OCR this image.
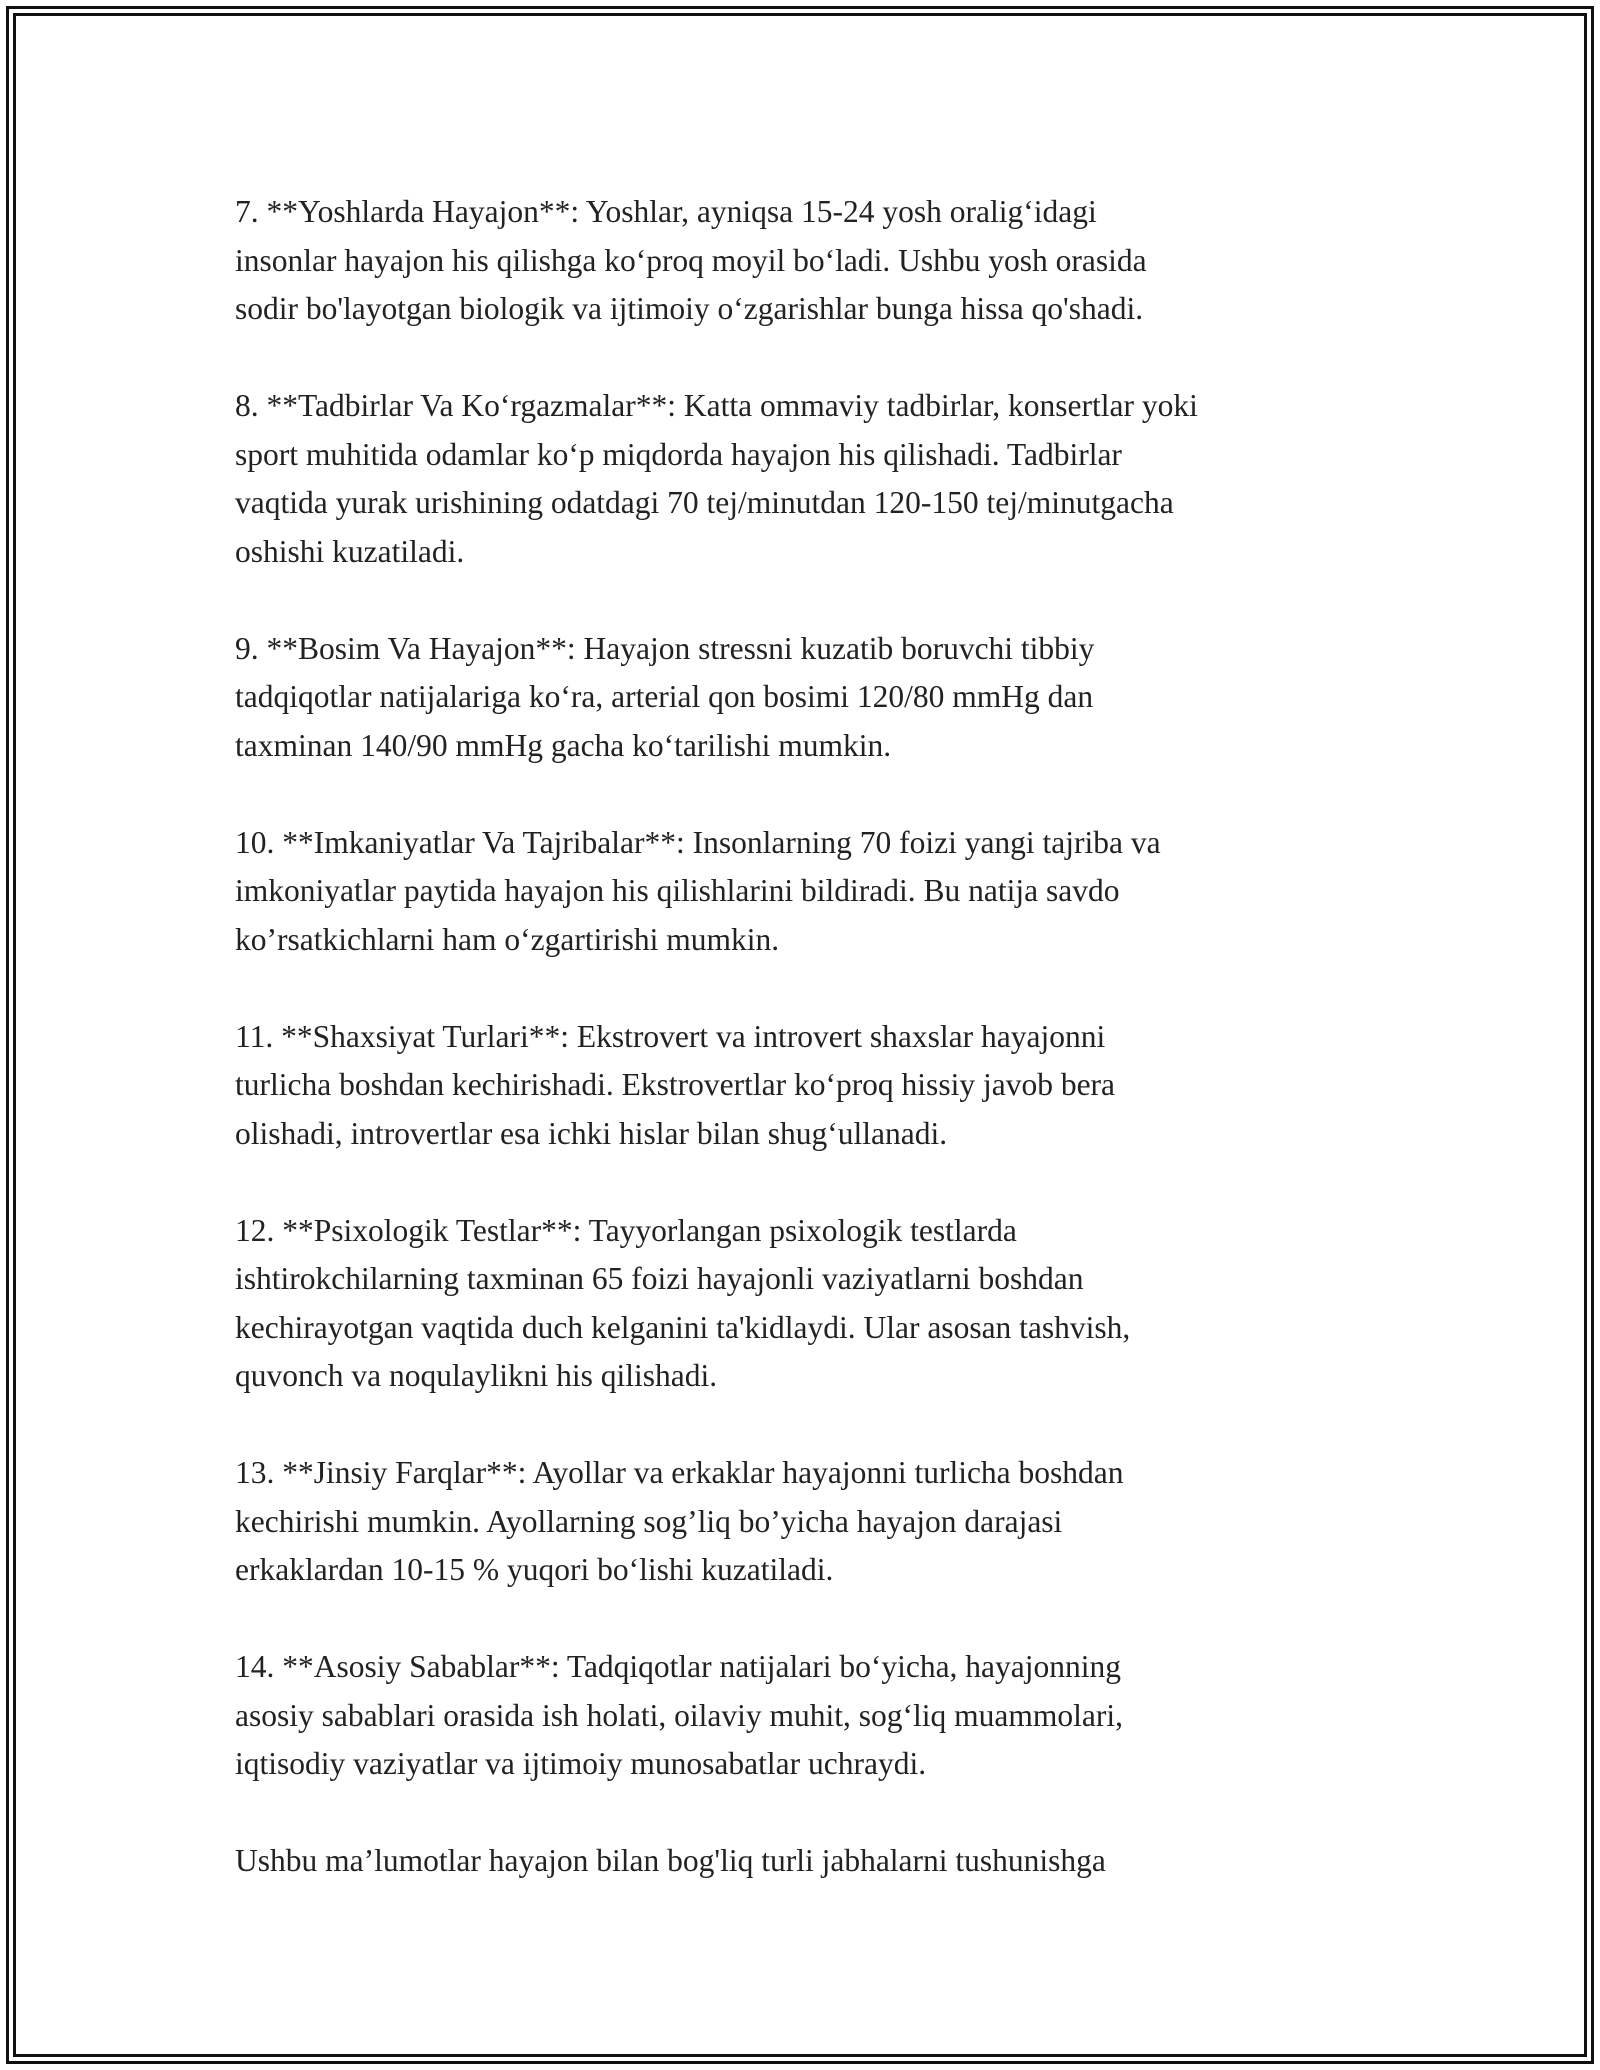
7. **Yoshlarda Hayajon**: Yoshlar, ayniqsa 15-24 yosh oralig‘idagi
insonlar hayajon his qilishga ko‘proq moyil bo‘ladi. Ushbu yosh orasida
sodir bo'layotgan biologik va ijtimoiy o‘zgarishlar bunga hissa qo'shadi.

8. **Tadbirlar Va Ko‘rgazmalar**: Katta ommaviy tadbirlar, konsertlar yoki
sport muhitida odamlar ko‘p miqdorda hayajon his qilishadi. Tadbirlar
vaqtida yurak urishining odatdagi 70 tej/minutdan 120-150 tej/minutgacha
oshishi kuzatiladi.

9. **Bosim Va Hayajon**: Hayajon stressni kuzatib boruvchi tibbiy
tadqiqotlar natijalariga ko‘ra, arterial qon bosimi 120/80 mmHg dan
taxminan 140/90 mmHg gacha ko‘tarilishi mumkin.

10. **Imkaniyatlar Va Tajribalar**: Insonlarning 70 foizi yangi tajriba va
imkoniyatlar paytida hayajon his qilishlarini bildiradi. Bu natija savdo
ko’rsatkichlarni ham o‘zgartirishi mumkin.

11. **Shaxsiyat Turlari**: Ekstrovert va introvert shaxslar hayajonni
turlicha boshdan kechirishadi. Ekstrovertlar ko‘proq hissiy javob bera
olishadi, introvertlar esa ichki hislar bilan shug‘ullanadi.

12. **Psixologik Testlar**: Tayyorlangan psixologik testlarda
ishtirokchilarning taxminan 65 foizi hayajonli vaziyatlarni boshdan
kechirayotgan vaqtida duch kelganini ta'kidlaydi. Ular asosan tashvish,
quvonch va noqulaylikni his qilishadi.

13. **Jinsiy Farqlar**: Ayollar va erkaklar hayajonni turlicha boshdan
kechirishi mumkin. Ayollarning sog’liq bo’yicha hayajon darajasi
erkaklardan 10-15 % yuqori bo‘lishi kuzatiladi.

14. **Asosiy Sabablar**: Tadqiqotlar natijalari bo‘yicha, hayajonning
asosiy sabablari orasida ish holati, oilaviy muhit, sog‘liq muammolari,
iqtisodiy vaziyatlar va ijtimoiy munosabatlar uchraydi.

Ushbu ma’lumotlar hayajon bilan bog'liq turli jabhalarni tushunishga
